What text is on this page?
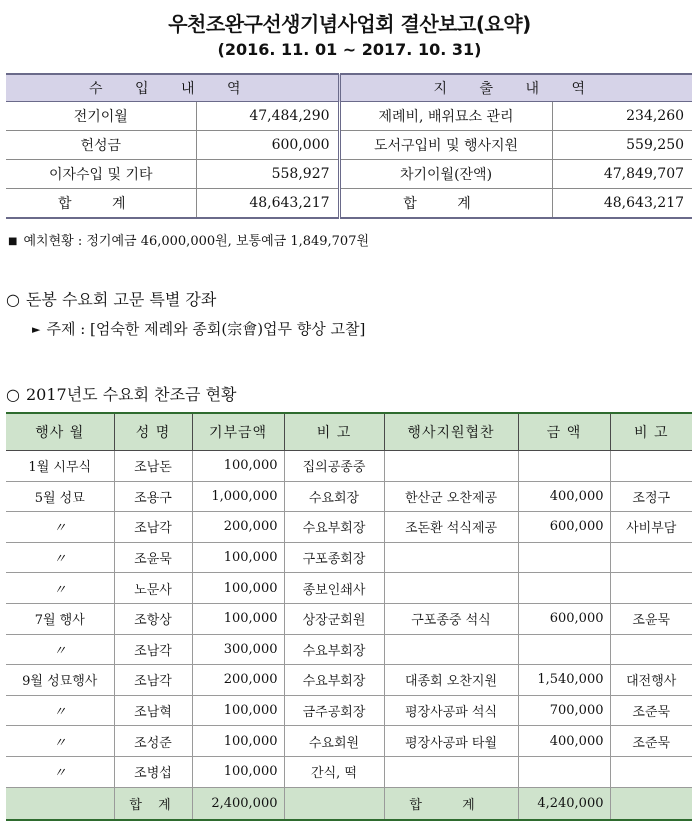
우천조완구선생기념사업회 결산보고(요약)
(2016. 11. 01 ~ 2017. 10. 31)
수 입 내 역		지 출 내 역	
전기이월	47,484,290	제례비, 배위묘소 관리	234,260
헌성금	600,000	도서구입비 및 행사지원	559,250
이자수입 및 기타	558,927	차기이월(잔액)	47,849,707
합 계	48,643,217	합 계	48,643,217
■ 예치현황 : 정기예금 46,000,000원, 보통예금 1,849,707원
○ 돈봉 수요회 고문 특별 강좌
► 주제 : [엄숙한 제례와 종회(宗會)업무 향상 고찰]
○ 2017년도 수요회 찬조금 현황
행사 월	성 명	기부금액	비 고	행사지원협찬	금 액	비 고
1월 시무식	조남돈	100,000	집의공종중			
5월 성묘	조용구	1,000,000	수요회장	한산군 오찬제공	400,000	조정구
〃	조남각	200,000	수요부회장	조돈환 석식제공	600,000	사비부담
〃	조윤묵	100,000	구포종회장			
〃	노문사	100,000	종보인쇄사			
7월 행사	조항상	100,000	상장군회원	구포종중 석식	600,000	조윤묵
〃	조남각	300,000	수요부회장			
9월 성묘행사	조남각	200,000	수요부회장	대종회 오찬지원	1,540,000	대전행사
〃	조남혁	100,000	금주공회장	평장사공파 석식	700,000	조준묵
〃	조성준	100,000	수요회원	평장사공파 타월	400,000	조준묵
〃	조병섭	100,000	간식, 떡			
	합 계	2,400,000		합 계	4,240,000	
